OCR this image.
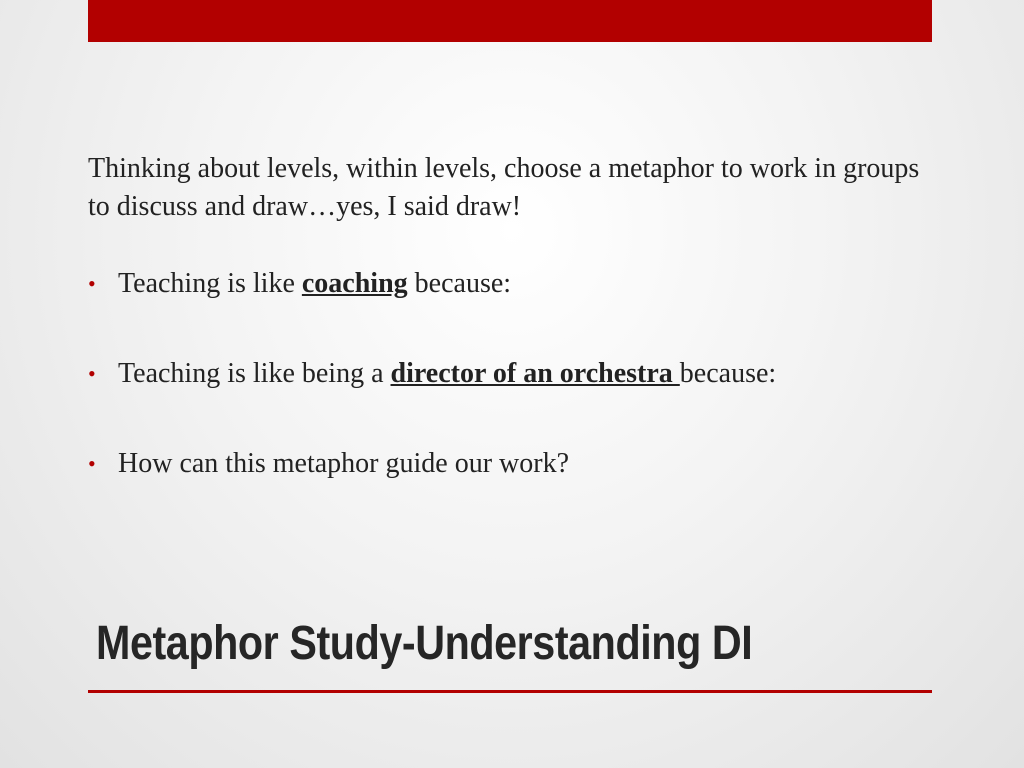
Thinking about levels, within levels, choose a metaphor to work in groups to discuss and draw…yes, I said draw!

• Teaching is like coaching because:
• Teaching is like being a director of an orchestra because:
• How can this metaphor guide our work?
Metaphor Study-Understanding DI
